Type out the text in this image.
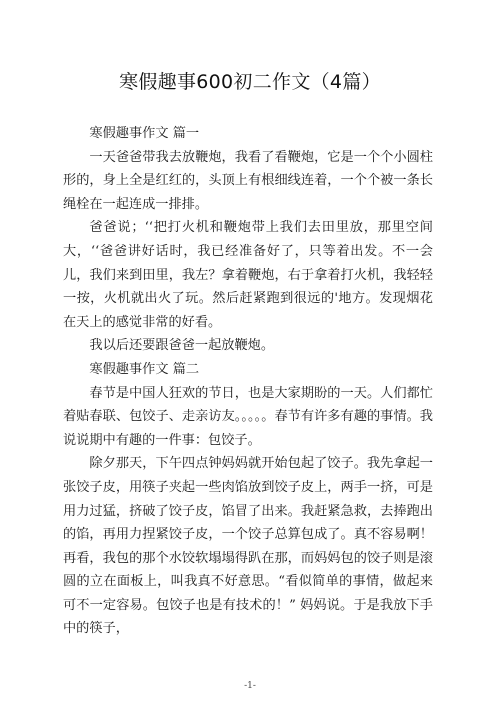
寒假趣事600初二作文（4篇）

寒假趣事作文 篇一

一天爸爸带我去放鞭炮，我看了看鞭炮，它是一个个小圆柱形的，身上全是红红的，头顶上有根细线连着，一个个被一条长绳栓在一起连成一排排。

爸爸说；‘‘把打火机和鞭炮带上我们去田里放，那里空间大，‘‘爸爸讲好话时，我已经准备好了，只等着出发。不一会儿，我们来到田里，我左？拿着鞭炮，右于拿着打火机，我轻轻一按，火机就出火了玩。然后赶紧跑到很远的'地方。发现烟花在天上的感觉非常的好看。

我以后还要跟爸爸一起放鞭炮。

寒假趣事作文 篇二

春节是中国人狂欢的节日，也是大家期盼的一天。人们都忙着贴春联、包饺子、走亲访友。。。。。春节有许多有趣的事情。我说说期中有趣的一件事：包饺子。

除夕那天，下午四点钟妈妈就开始包起了饺子。我先拿起一张饺子皮，用筷子夹起一些肉馅放到饺子皮上，两手一挤，可是用力过猛，挤破了饺子皮，馅冒了出来。我赶紧急救，去捧跑出的馅，再用力捏紧饺子皮，一个饺子总算包成了。真不容易啊！再看，我包的那个水饺软塌塌得趴在那，而妈妈包的饺子则是滚圆的立在面板上，叫我真不好意思。“看似简单的事情，做起来可不一定容易。包饺子也是有技术的！” 妈妈说。于是我放下手中的筷子，

-1-
